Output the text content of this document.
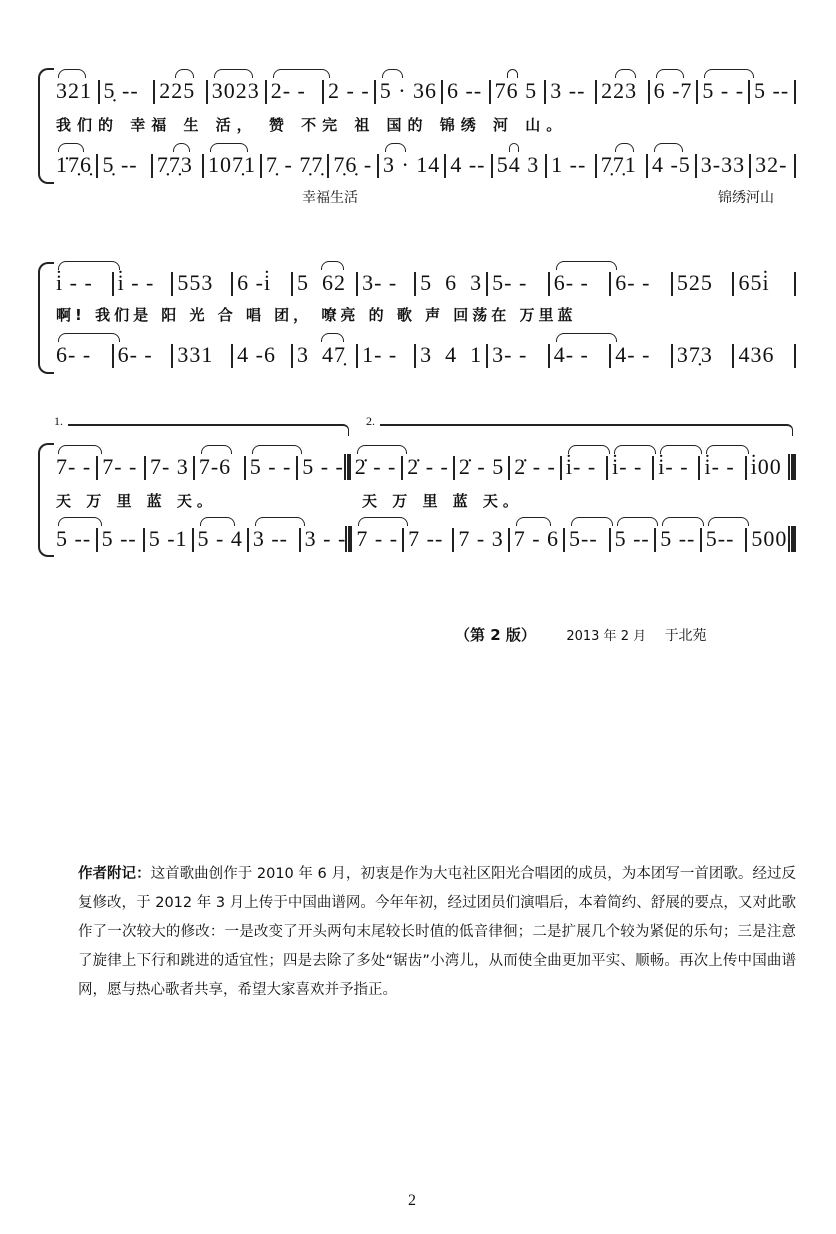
321 5̣ -- 225 3023 2- - 2 - - 5 · 36 6 -- 76 5 3 -- 223 6 -7 5 - - 5 --
我们的 幸福 生 活， 赞 不完 祖 国的 锦绣 河 山。
1̇7̣6̣ 5̣ -- 7̣7̣3 107̣1 7̣ - 7̣7̣ 7̣6̣ - 3 · 14 4 -- 54 3 1 -- 7̣7̣1 4 -5 3-33 32-
幸福生活	锦绣河山
i̇ - - i̇ - - 553 6 -i̇ 5  62 3- - 5  6  3 5- - 6- - 6- - 525 65i̇
啊! 我们是 阳 光 合 唱 团， 嘹亮 的 歌 声 回荡在 万里蓝
6- - 6- - 331 4 -6 3  47̣ 1- - 3  4  1 3- - 4- - 4- - 37̣3 436
1.	2.
7- - 7- - 7- 3 7-6 5 - - 5 - - 2̇ - - 2̇ - - 2̇ - 5 2̇ - - i̇- - i̇- - i̇- - i̇- - i̇00
天 万 里 蓝 天。	天 万 里 蓝 天。
5 -- 5 -- 5 -1 5 - 4 3 -- 3 - - 7 - - 7 -- 7 - 3 7 - 6 5-- 5 -- 5 -- 5-- 500
（第 2 版） 2013 年 2 月 于北苑
作者附记：这首歌曲创作于 2010 年 6 月，初衷是作为大屯社区阳光合唱团的成员，为本团写一首团歌。经过反复修改，于 2012 年 3 月上传于中国曲谱网。今年年初，经过团员们演唱后，本着简约、舒展的要点，又对此歌作了一次较大的修改：一是改变了开头两句末尾较长时值的低音律徊；二是扩展几个较为紧促的乐句；三是注意了旋律上下行和跳进的适宜性；四是去除了多处“锯齿”小湾儿，从而使全曲更加平实、顺畅。再次上传中国曲谱网，愿与热心歌者共享，希望大家喜欢并予指正。
2
